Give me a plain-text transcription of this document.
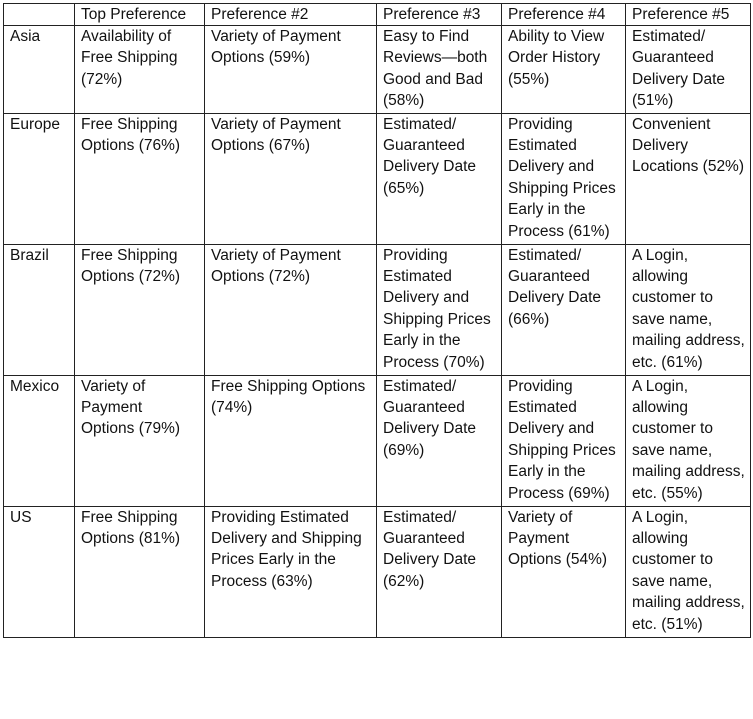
	Top Preference	Preference #2	Preference #3	Preference #4	Preference #5
Asia	Availability of Free Shipping (72%)	Variety of Payment Options (59%)	Easy to Find Reviews—both Good and Bad (58%)	Ability to View Order History (55%)	Estimated/ Guaranteed Delivery Date (51%)
Europe	Free Shipping Options (76%)	Variety of Payment Options (67%)	Estimated/ Guaranteed Delivery Date (65%)	Providing Estimated Delivery and Shipping Prices Early in the Process (61%)	Convenient Delivery Locations (52%)
Brazil	Free Shipping Options (72%)	Variety of Payment Options (72%)	Providing Estimated Delivery and Shipping Prices Early in the Process (70%)	Estimated/ Guaranteed Delivery Date (66%)	A Login, allowing customer to save name, mailing address, etc. (61%)
Mexico	Variety of Payment Options (79%)	Free Shipping Options (74%)	Estimated/ Guaranteed Delivery Date (69%)	Providing Estimated Delivery and Shipping Prices Early in the Process (69%)	A Login, allowing customer to save name, mailing address, etc. (55%)
US	Free Shipping Options (81%)	Providing Estimated Delivery and Shipping Prices Early in the Process (63%)	Estimated/ Guaranteed Delivery Date (62%)	Variety of Payment Options (54%)	A Login, allowing customer to save name, mailing address, etc. (51%)
